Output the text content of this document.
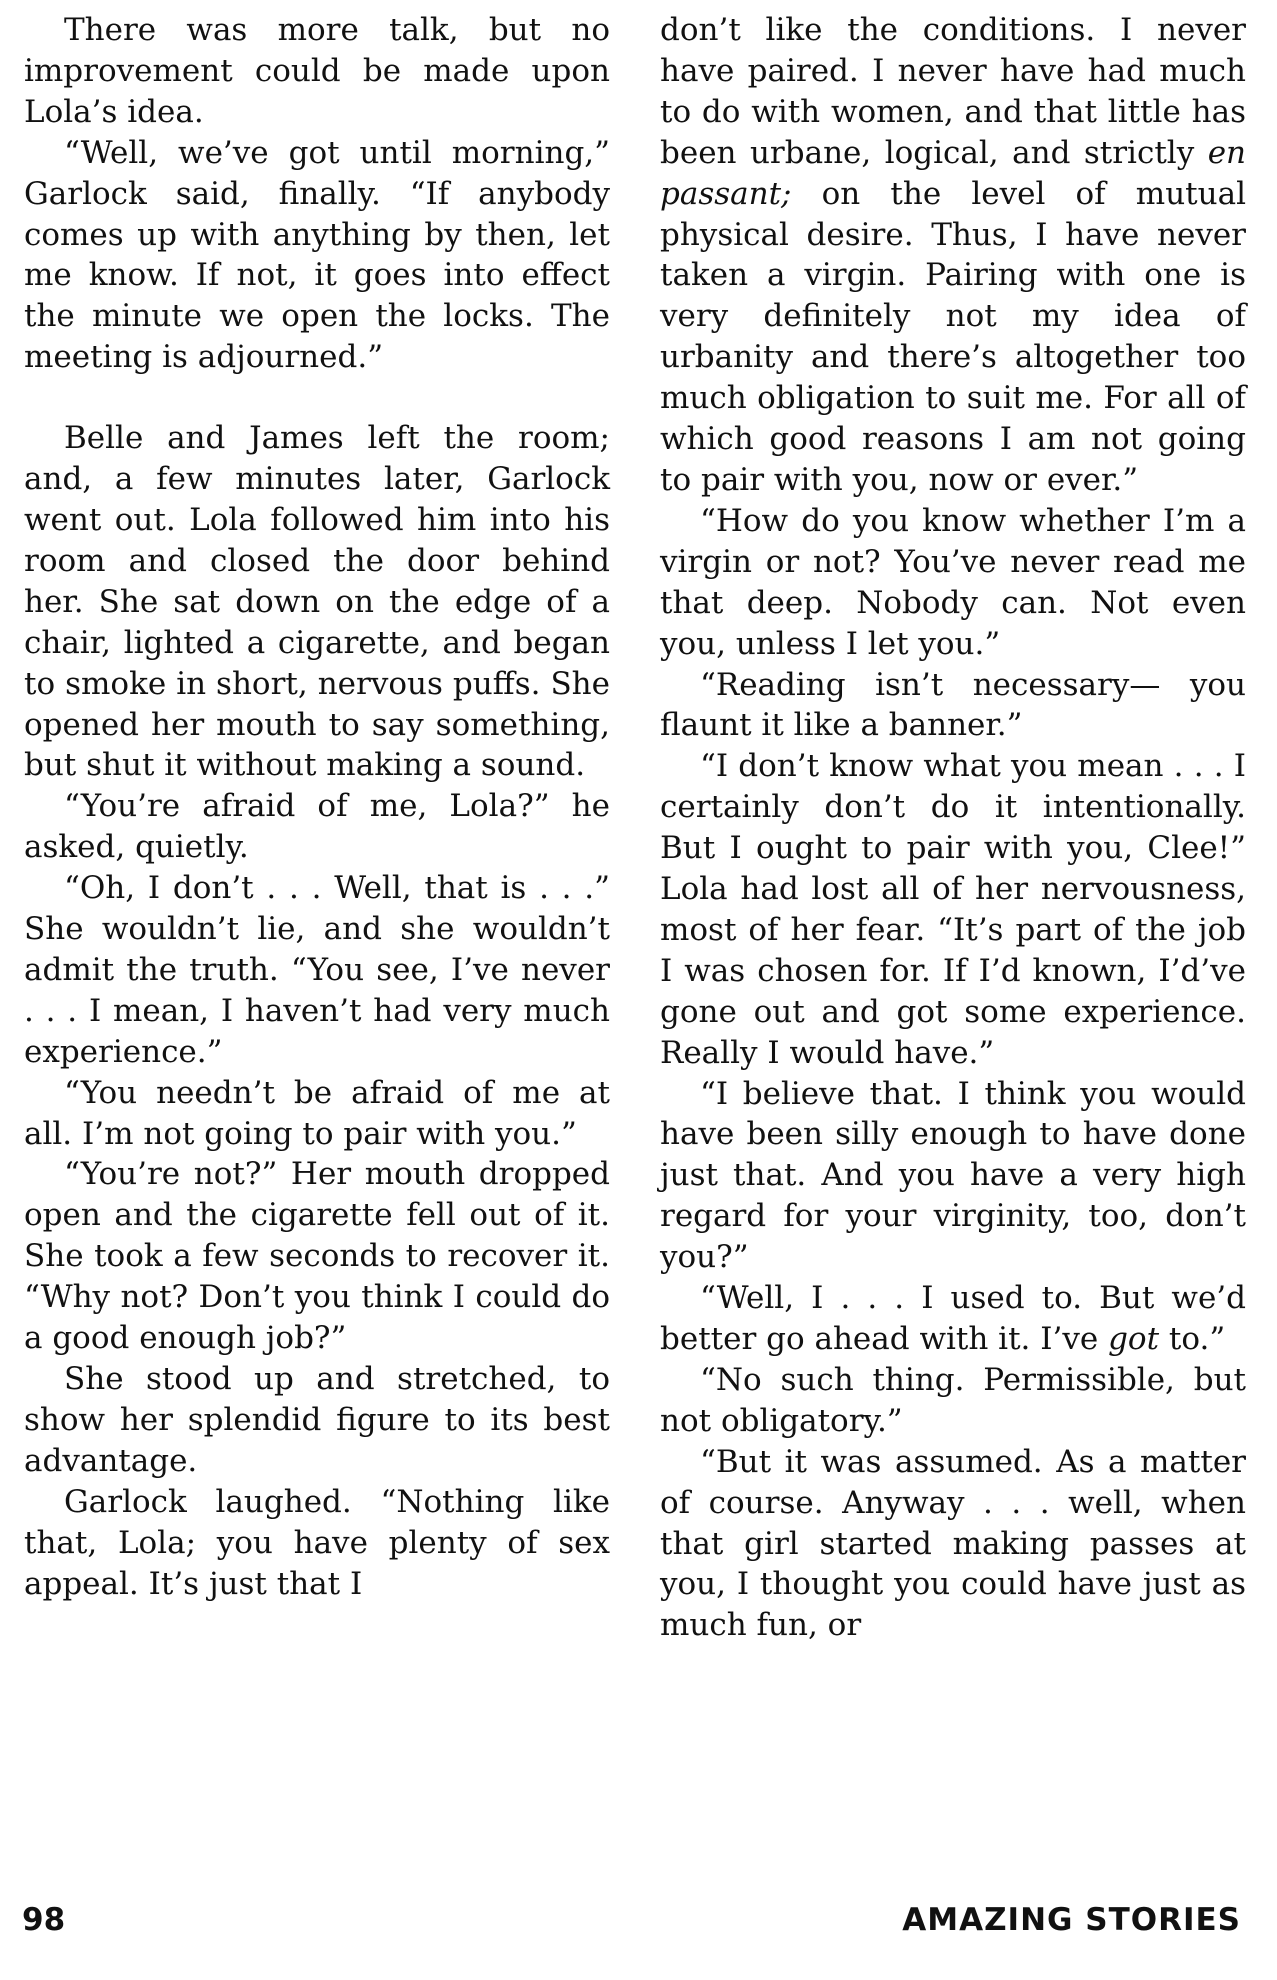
There was more talk, but no improvement could be made upon Lola’s idea.

“Well, we’ve got until morning,” Garlock said, finally. “If anybody comes up with anything by then, let me know. If not, it goes into effect the minute we open the locks. The meeting is adjourned.”

Belle and James left the room; and, a few minutes later, Garlock went out. Lola followed him into his room and closed the door behind her. She sat down on the edge of a chair, lighted a cigarette, and began to smoke in short, nervous puffs. She opened her mouth to say something, but shut it without making a sound.

“You’re afraid of me, Lola?” he asked, quietly.

“Oh, I don’t . . . Well, that is . . .” She wouldn’t lie, and she wouldn’t admit the truth. “You see, I’ve never . . . I mean, I haven’t had very much experience.”

“You needn’t be afraid of me at all. I’m not going to pair with you.”

“You’re not?” Her mouth dropped open and the cigarette fell out of it. She took a few seconds to recover it. “Why not? Don’t you think I could do a good enough job?”

She stood up and stretched, to show her splendid figure to its best advantage.

Garlock laughed. “Nothing like that, Lola; you have plenty of sex appeal. It’s just that I

don’t like the conditions. I never have paired. I never have had much to do with women, and that little has been urbane, logical, and strictly en passant; on the level of mutual physical desire. Thus, I have never taken a virgin. Pairing with one is very definitely not my idea of urbanity and there’s altogether too much obligation to suit me. For all of which good reasons I am not going to pair with you, now or ever.”

“How do you know whether I’m a virgin or not? You’ve never read me that deep. Nobody can. Not even you, unless I let you.”

“Reading isn’t necessary— you flaunt it like a banner.”

“I don’t know what you mean . . . I certainly don’t do it intentionally. But I ought to pair with you, Clee!” Lola had lost all of her nervousness, most of her fear. “It’s part of the job I was chosen for. If I’d known, I’d’ve gone out and got some experience. Really I would have.”

“I believe that. I think you would have been silly enough to have done just that. And you have a very high regard for your virginity, too, don’t you?”

“Well, I . . . I used to. But we’d better go ahead with it. I’ve got to.”

“No such thing. Permissible, but not obligatory.”

“But it was assumed. As a matter of course. Anyway . . . well, when that girl started making passes at you, I thought you could have just as much fun, or

98	AMAZING STORIES
